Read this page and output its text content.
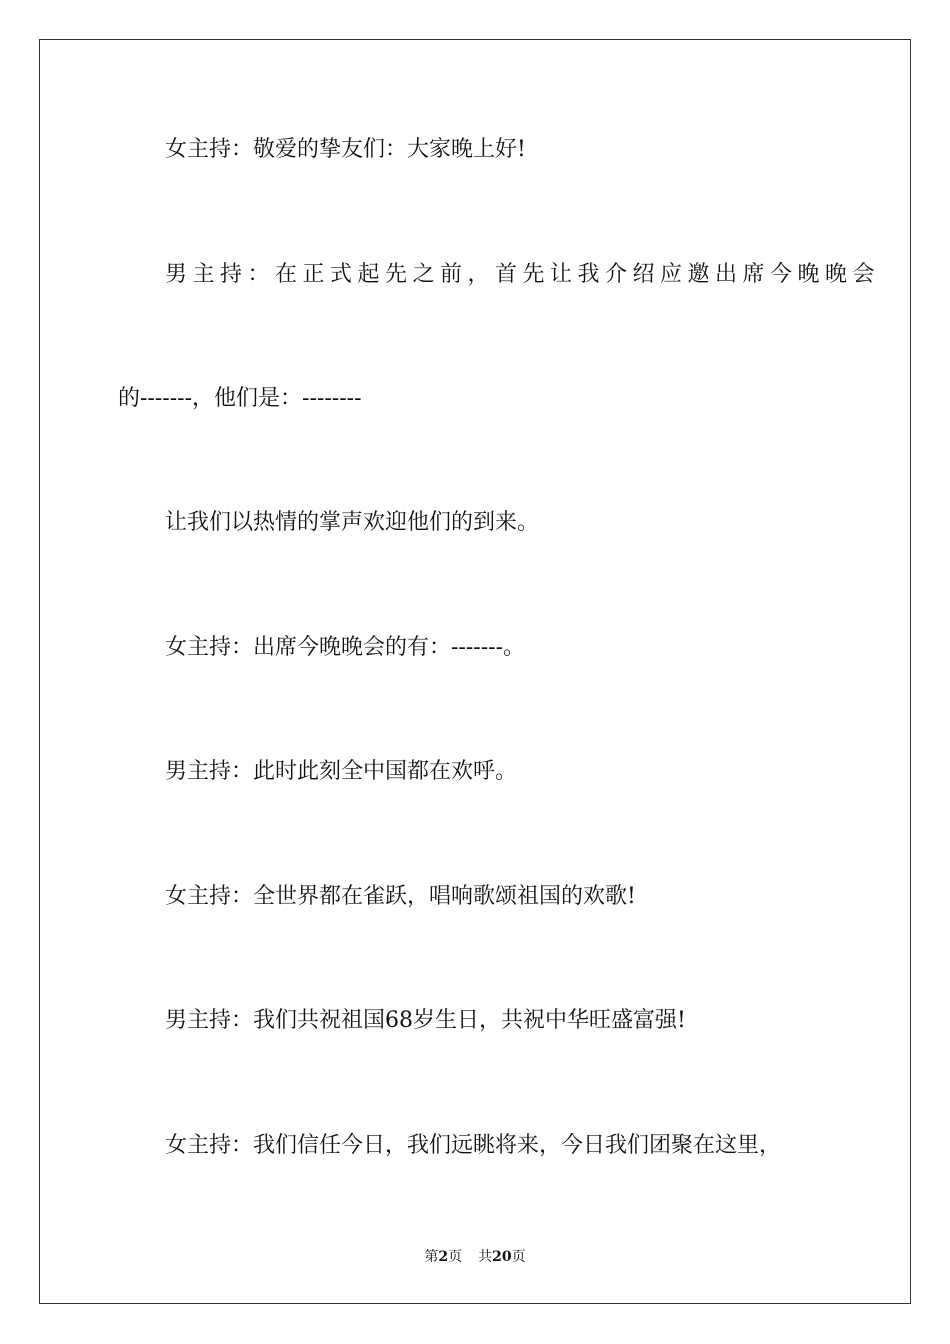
女主持：敬爱的挚友们：大家晚上好!
男主持：在正式起先之前，首先让我介绍应邀出席今晚晚会
的-------，他们是：--------
让我们以热情的掌声欢迎他们的到来。
女主持：出席今晚晚会的有：-------。
男主持：此时此刻全中国都在欢呼。
女主持：全世界都在雀跃，唱响歌颂祖国的欢歌!
男主持：我们共祝祖国68岁生日，共祝中华旺盛富强!
女主持：我们信任今日，我们远眺将来，今日我们团聚在这里，
第2页 共20页
